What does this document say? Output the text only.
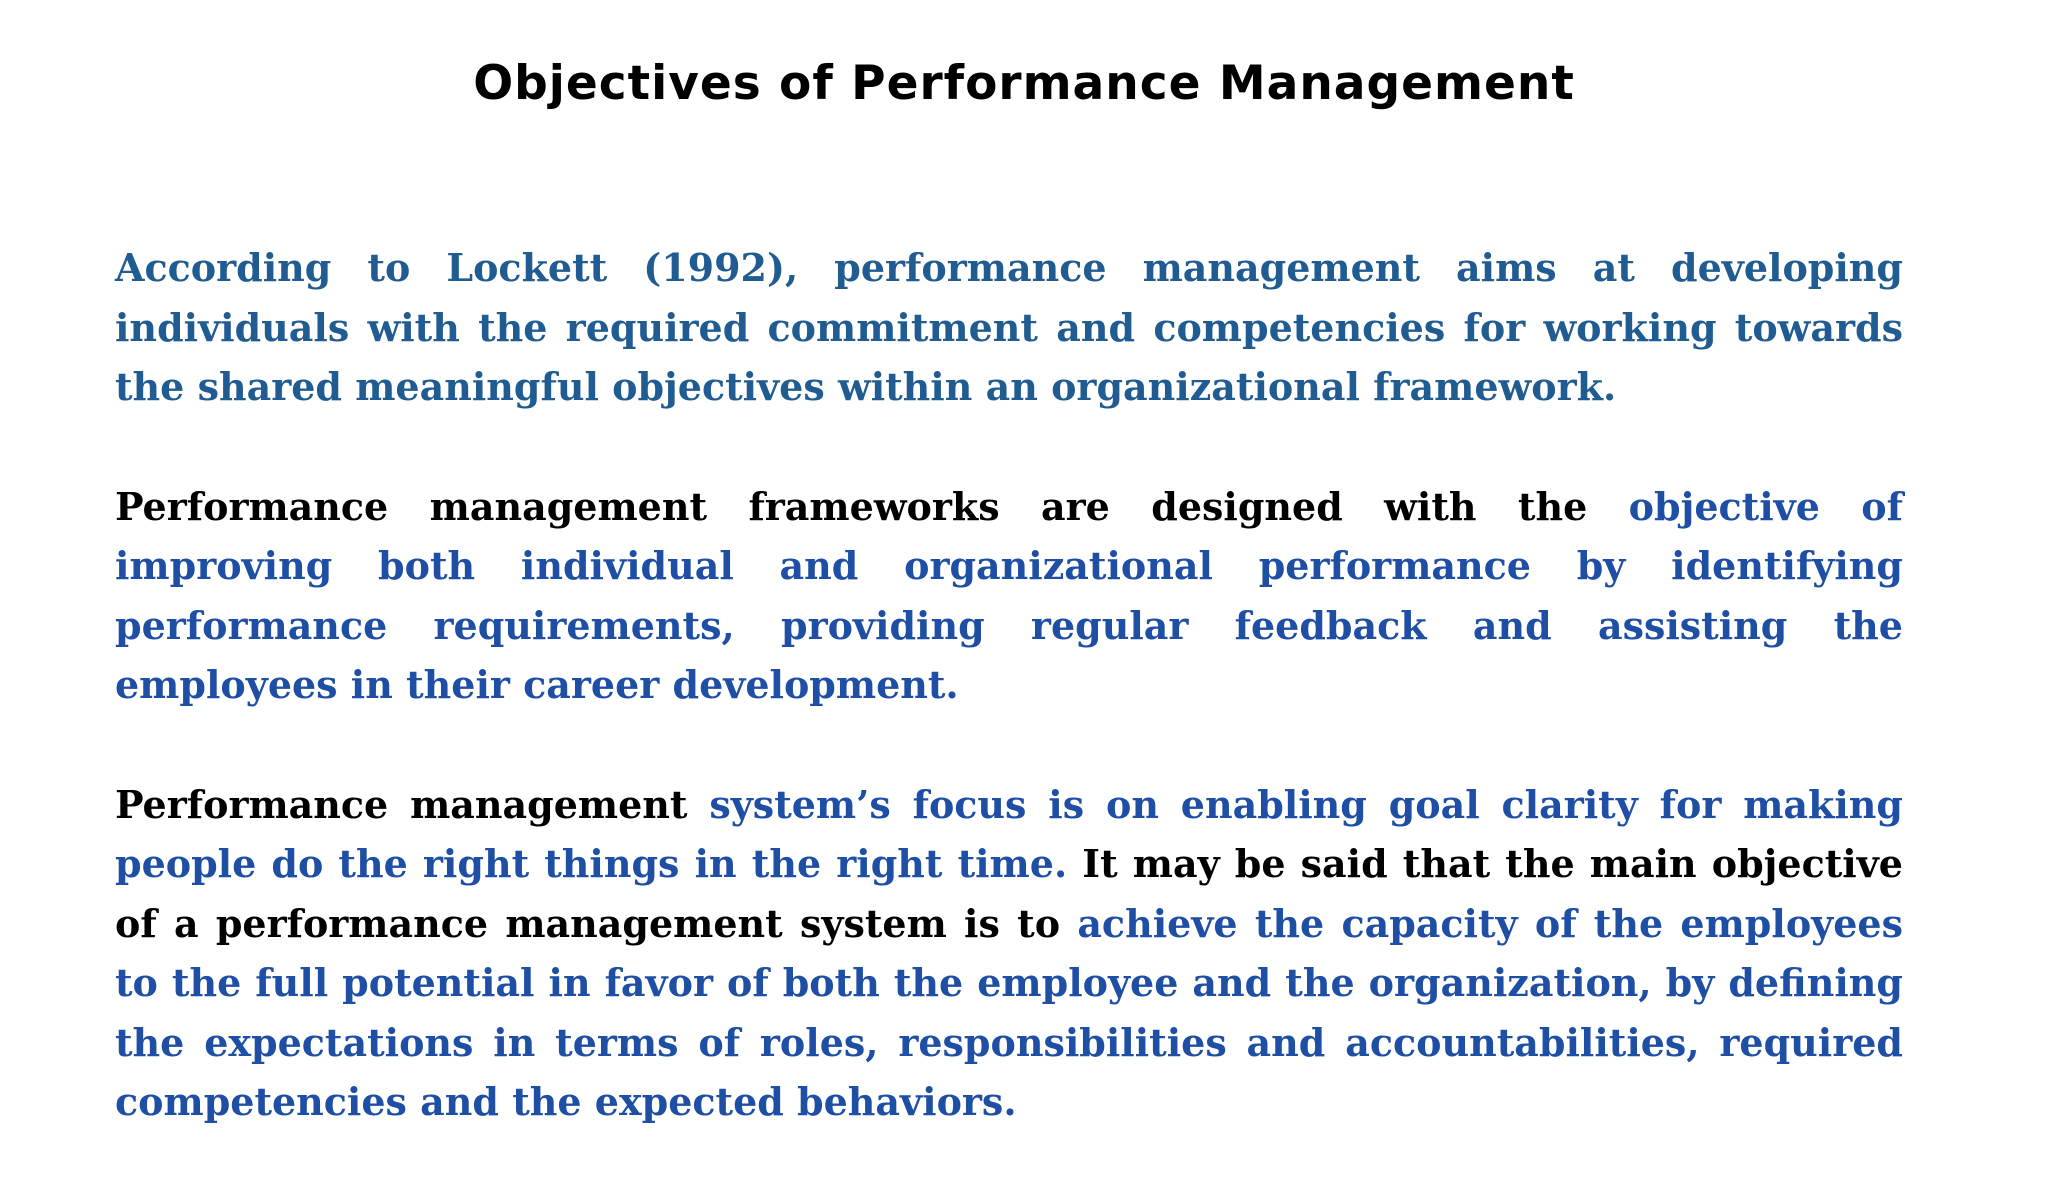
Objectives of Performance Management

According to Lockett (1992), performance management aims at developing individuals with the required commitment and competencies for working towards the shared meaningful objectives within an organizational framework.

Performance management frameworks are designed with the objective of improving both individual and organizational performance by identifying performance requirements, providing regular feedback and assisting the employees in their career development.

Performance management system’s focus is on enabling goal clarity for making people do the right things in the right time. It may be said that the main objective of a performance management system is to achieve the capacity of the employees to the full potential in favor of both the employee and the organization, by defining the expectations in terms of roles, responsibilities and accountabilities, required competencies and the expected behaviors.
